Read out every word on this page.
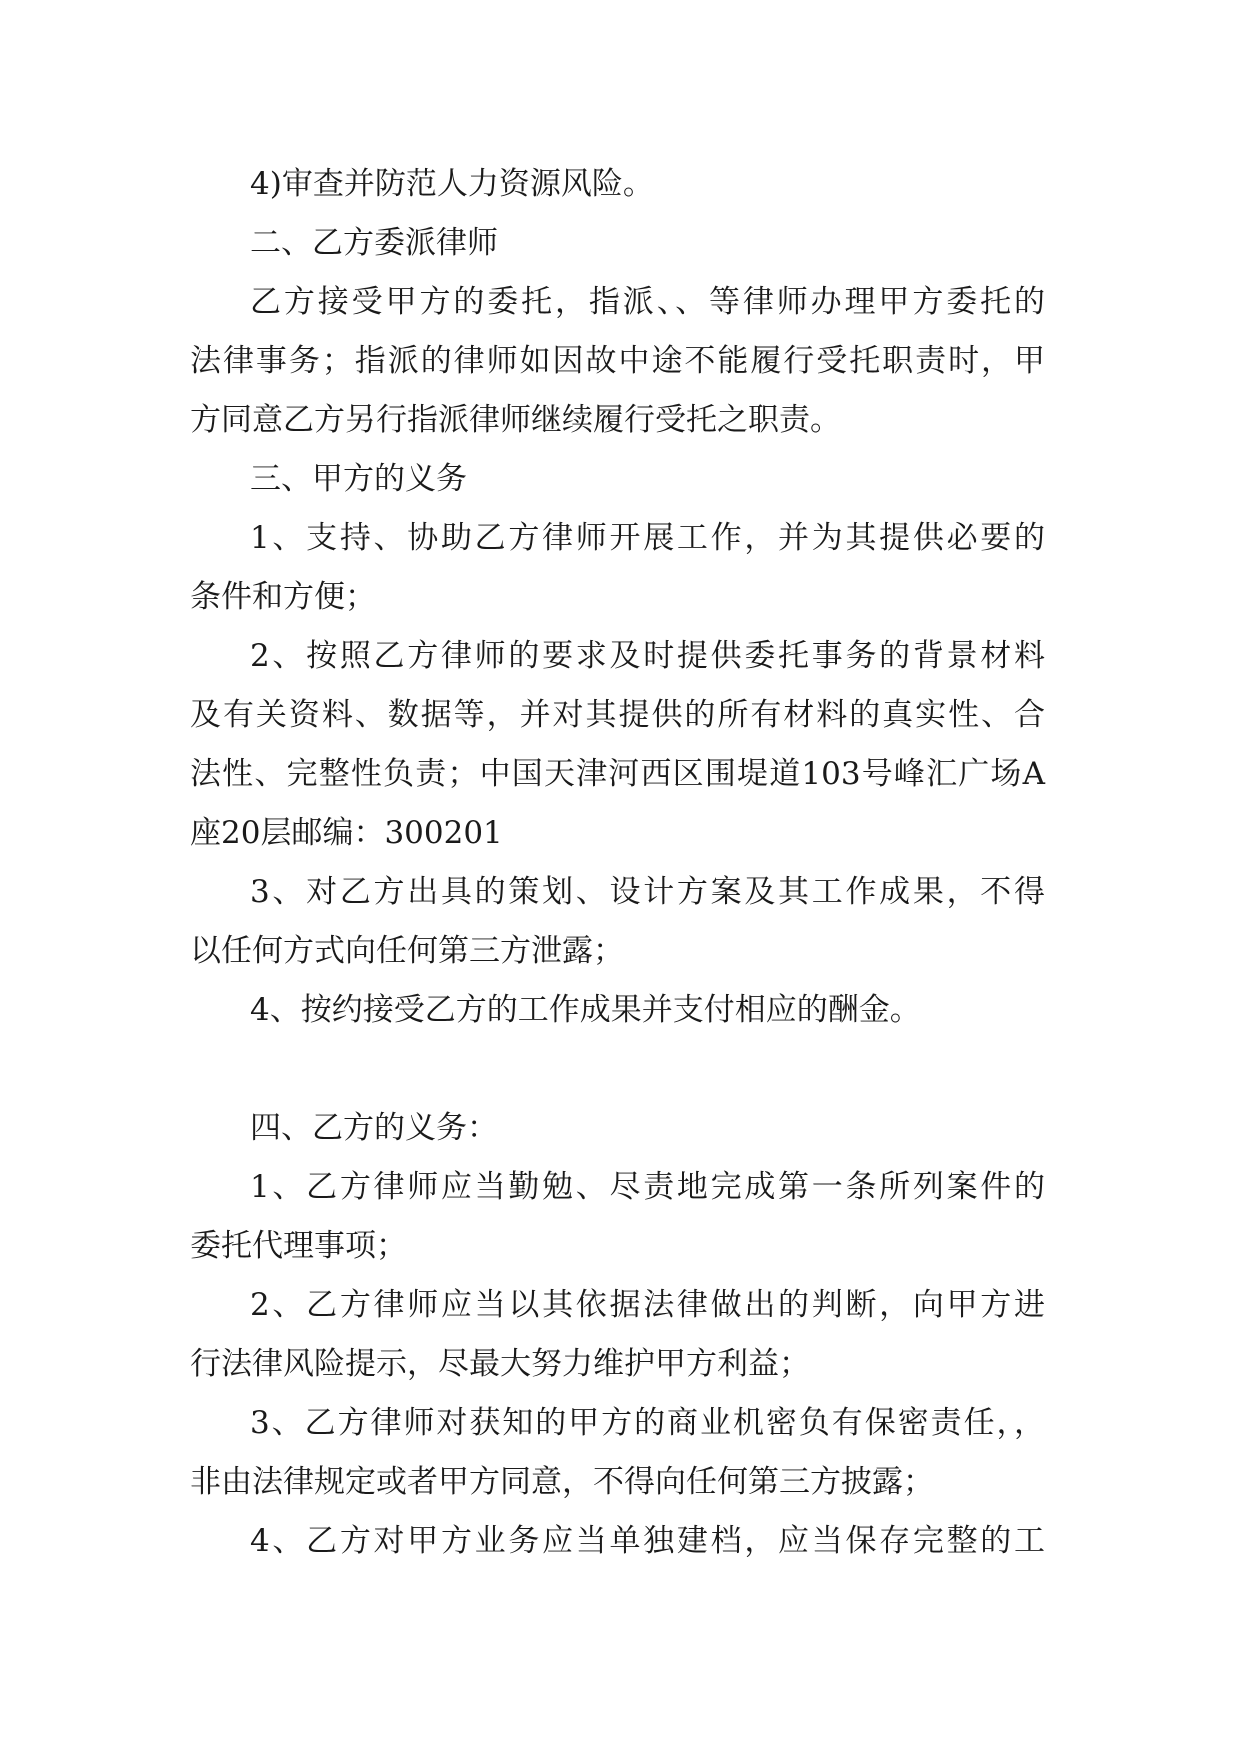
4)审查并防范人力资源风险。
二、乙方委派律师
乙方接受甲方的委托，指派、、等律师办理甲方委托的
法律事务；指派的律师如因故中途不能履行受托职责时，甲
方同意乙方另行指派律师继续履行受托之职责。
三、甲方的义务
1、支持、协助乙方律师开展工作，并为其提供必要的
条件和方便；
2、按照乙方律师的要求及时提供委托事务的背景材料
及有关资料、数据等，并对其提供的所有材料的真实性、合
法性、完整性负责；中国天津河西区围堤道103号峰汇广场A
座20层邮编：300201
3、对乙方出具的策划、设计方案及其工作成果，不得
以任何方式向任何第三方泄露；
4、按约接受乙方的工作成果并支付相应的酬金。
四、乙方的义务：
1、乙方律师应当勤勉、尽责地完成第一条所列案件的
委托代理事项；
2、乙方律师应当以其依据法律做出的判断，向甲方进
行法律风险提示，尽最大努力维护甲方利益；
3、乙方律师对获知的甲方的商业机密负有保密责任，，
非由法律规定或者甲方同意，不得向任何第三方披露；
4、乙方对甲方业务应当单独建档，应当保存完整的工
